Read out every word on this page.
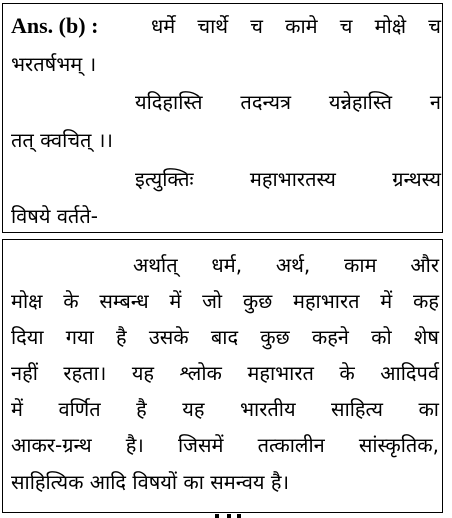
Ans. (b) :	धर्मे चार्थे च कामे च मोक्षे च
भरतर्षभम् ।
यदिहास्ति तदन्यत्र यन्नेहास्ति न
तत् क्वचित् ।।
इत्युक्तिः महाभारतस्य ग्रन्थस्य
विषये वर्तते-
अर्थात् धर्म, अर्थ, काम और
मोक्ष के सम्बन्ध में जो कुछ महाभारत में कह
दिया गया है उसके बाद कुछ कहने को शेष
नहीं रहता। यह श्लोक महाभारत के आदिपर्व
में वर्णित है यह भारतीय साहित्य का
आकर-ग्रन्थ है। जिसमें तत्कालीन सांस्कृतिक,
साहित्यिक आदि विषयों का समन्वय है।
